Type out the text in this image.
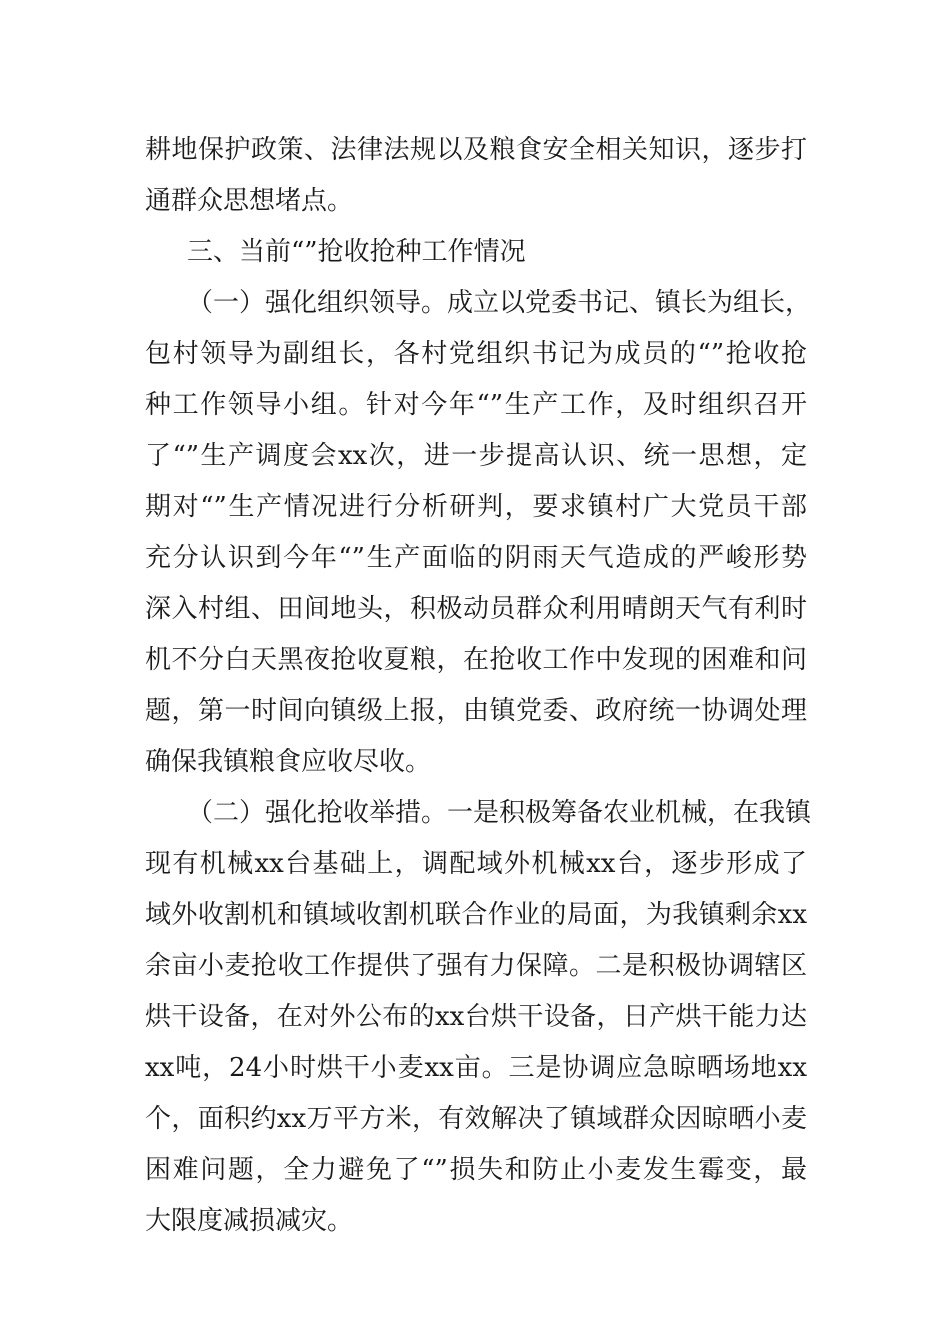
耕地保护政策、法律法规以及粮食安全相关知识，逐步打
通群众思想堵点。
三、当前“”抢收抢种工作情况
（一）强化组织领导。成立以党委书记、镇长为组长，
包村领导为副组长，各村党组织书记为成员的“”抢收抢
种工作领导小组。针对今年“”生产工作，及时组织召开
了“”生产调度会xx次，进一步提高认识、统一思想，定
期对“”生产情况进行分析研判，要求镇村广大党员干部
充分认识到今年“”生产面临的阴雨天气造成的严峻形势
深入村组、田间地头，积极动员群众利用晴朗天气有利时
机不分白天黑夜抢收夏粮，在抢收工作中发现的困难和问
题，第一时间向镇级上报，由镇党委、政府统一协调处理
确保我镇粮食应收尽收。
（二）强化抢收举措。一是积极筹备农业机械，在我镇
现有机械xx台基础上，调配域外机械xx台，逐步形成了
域外收割机和镇域收割机联合作业的局面，为我镇剩余xx
余亩小麦抢收工作提供了强有力保障。二是积极协调辖区
烘干设备，在对外公布的xx台烘干设备，日产烘干能力达
xx吨，24小时烘干小麦xx亩。三是协调应急晾晒场地xx
个，面积约xx万平方米，有效解决了镇域群众因晾晒小麦
困难问题，全力避免了“”损失和防止小麦发生霉变，最
大限度减损减灾。
